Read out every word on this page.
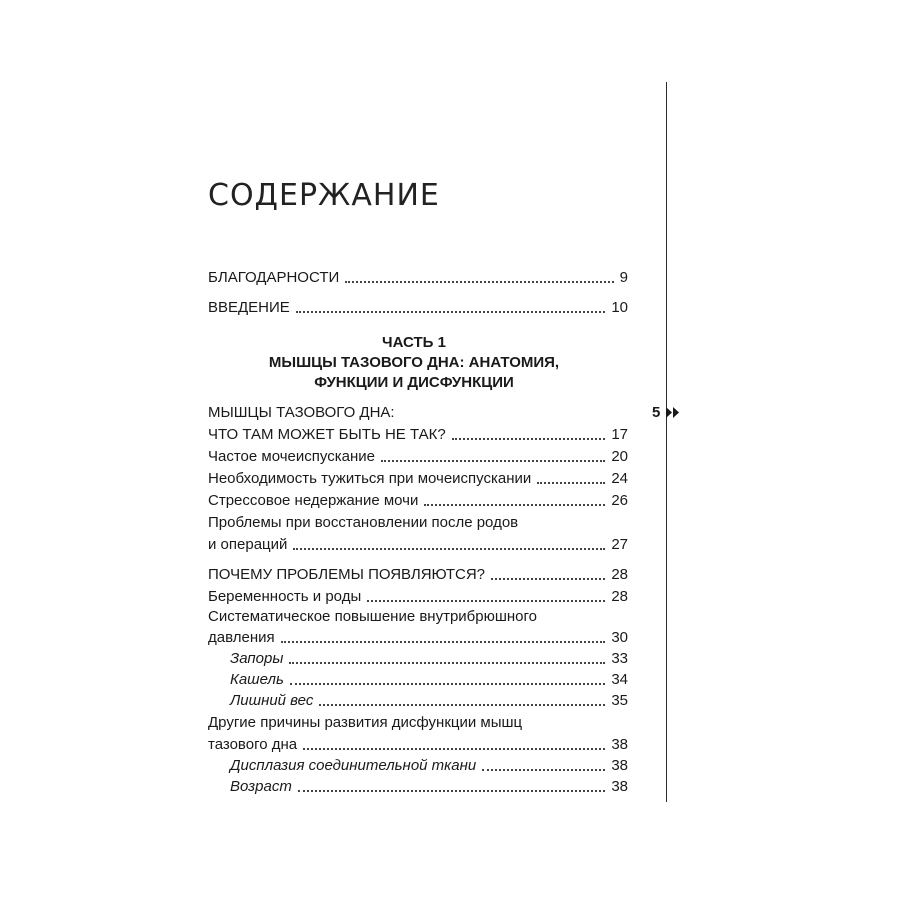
СОДЕРЖАНИЕ
5
БЛАГОДАРНОСТИ	9
ВВЕДЕНИЕ	10
ЧАСТЬ 1
МЫШЦЫ ТАЗОВОГО ДНА: АНАТОМИЯ,
ФУНКЦИИ И ДИСФУНКЦИИ
МЫШЦЫ ТАЗОВОГО ДНА:
ЧТО ТАМ МОЖЕТ БЫТЬ НЕ ТАК?	17
Частое мочеиспускание	20
Необходимость тужиться при мочеиспускании	24
Стрессовое недержание мочи	26
Проблемы при восстановлении после родов
и операций	27
ПОЧЕМУ ПРОБЛЕМЫ ПОЯВЛЯЮТСЯ?	28
Беременность и роды	28
Систематическое повышение внутрибрюшного
давления	30
Запоры	33
Кашель	34
Лишний вес	35
Другие причины развития дисфункции мышц
тазового дна	38
Дисплазия соединительной ткани	38
Возраст	38
